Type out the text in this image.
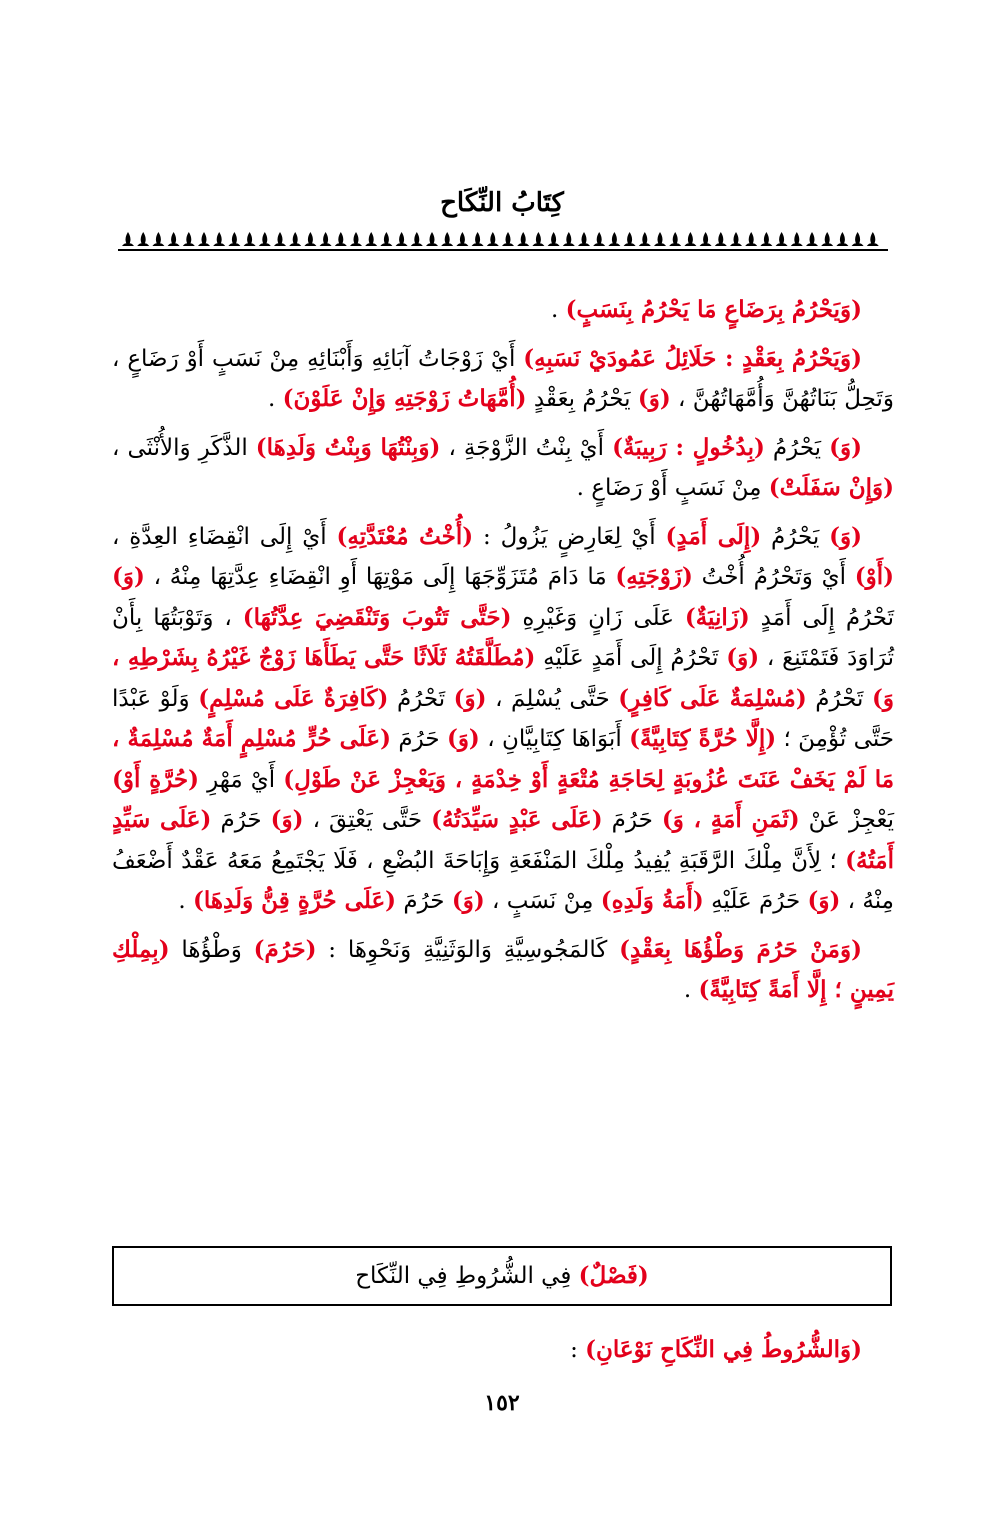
كِتَابُ النِّكَاح

(وَيَحْرُمُ بِرَضَاعٍ مَا يَحْرُمُ بِنَسَبٍ) .

(وَيَحْرُمُ بِعَقْدٍ : حَلَائِلُ عَمُودَيْ نَسَبِهِ) أَيْ زَوْجَاتُ آبَائِهِ وَأَبْنَائِهِ مِنْ نَسَبٍ أَوْ رَضَاعٍ ، وَتَحِلُّ بَنَاتُهُنَّ وَأُمَّهَاتُهُنَّ ، (وَ) يَحْرُمُ بِعَقْدٍ (أُمَّهَاتُ زَوْجَتِهِ وَإِنْ عَلَوْنَ) .

(وَ) يَحْرُمُ (بِدُخُولٍ : رَبِيبَةٌ) أَيْ بِنْتُ الزَّوْجَةِ ، (وَبِنْتُهَا وَبِنْتُ وَلَدِهَا) الذَّكَرِ وَالأُنْثَى ، (وَإِنْ سَفَلَتْ) مِنْ نَسَبٍ أَوْ رَضَاعٍ .

(وَ) يَحْرُمُ (إِلَى أَمَدٍ) أَيْ لِعَارِضٍ يَزُولُ : (أُخْتُ مُعْتَدَّتِهِ) أَيْ إِلَى انْقِضَاءِ العِدَّةِ ، (أَوْ) أَيْ وَتَحْرُمُ أُخْتُ (زَوْجَتِهِ) مَا دَامَ مُتَزَوِّجَهَا إِلَى مَوْتِهَا أَوِ انْقِضَاءِ عِدَّتِهَا مِنْهُ ، (وَ) تَحْرُمُ إِلَى أَمَدٍ (زَانِيَةٌ) عَلَى زَانٍ وَغَيْرِهِ (حَتَّى تَتُوبَ وَتَنْقَضِيَ عِدَّتُهَا) ، وَتَوْبَتُهَا بِأَنْ تُرَاوَدَ فَتَمْتَنِعَ ، (وَ) تَحْرُمُ إِلَى أَمَدٍ عَلَيْهِ (مُطَلَّقَتُهُ ثَلَاثًا حَتَّى يَطَأَهَا زَوْجٌ غَيْرُهُ بِشَرْطِهِ ، وَ) تَحْرُمُ (مُسْلِمَةٌ عَلَى كَافِرٍ) حَتَّى يُسْلِمَ ، (وَ) تَحْرُمُ (كَافِرَةٌ عَلَى مُسْلِمٍ) وَلَوْ عَبْدًا حَتَّى تُؤْمِنَ ؛ (إِلَّا حُرَّةً كِتَابِيَّةً) أَبَوَاهَا كِتَابِيَّانِ ، (وَ) حَرُمَ (عَلَى حُرٍّ مُسْلِمٍ أَمَةٌ مُسْلِمَةٌ ، مَا لَمْ يَخَفْ عَنَتَ عُزُوبَةٍ لِحَاجَةِ مُتْعَةٍ أَوْ خِدْمَةٍ ، وَيَعْجِزْ عَنْ طَوْلِ) أَيْ مَهْرِ (حُرَّةٍ أَوْ) يَعْجِزْ عَنْ (ثَمَنِ أَمَةٍ ، وَ) حَرُمَ (عَلَى عَبْدٍ سَيِّدَتُهُ) حَتَّى يَعْتِقَ ، (وَ) حَرُمَ (عَلَى سَيِّدٍ أَمَتُهُ) ؛ لِأَنَّ مِلْكَ الرَّقَبَةِ يُفِيدُ مِلْكَ المَنْفَعَةِ وَإِبَاحَةَ البُضْعِ ، فَلَا يَجْتَمِعُ مَعَهُ عَقْدٌ أَضْعَفُ مِنْهُ ، (وَ) حَرُمَ عَلَيْهِ (أَمَةُ وَلَدِهِ) مِنْ نَسَبٍ ، (وَ) حَرُمَ (عَلَى حُرَّةٍ قِنُّ وَلَدِهَا) .

(وَمَنْ حَرُمَ وَطْؤُهَا بِعَقْدٍ) كَالمَجُوسِيَّةِ وَالوَثَنِيَّةِ وَنَحْوِهَا : (حَرُمَ) وَطْؤُهَا (بِمِلْكِ يَمِينٍ ؛ إِلَّا أَمَةً كِتَابِيَّةً) .

(فَصْلٌ) فِي الشُّرُوطِ فِي النِّكَاح
(وَالشُّرُوطُ فِي النِّكَاحِ نَوْعَانِ) :
١٥٢
